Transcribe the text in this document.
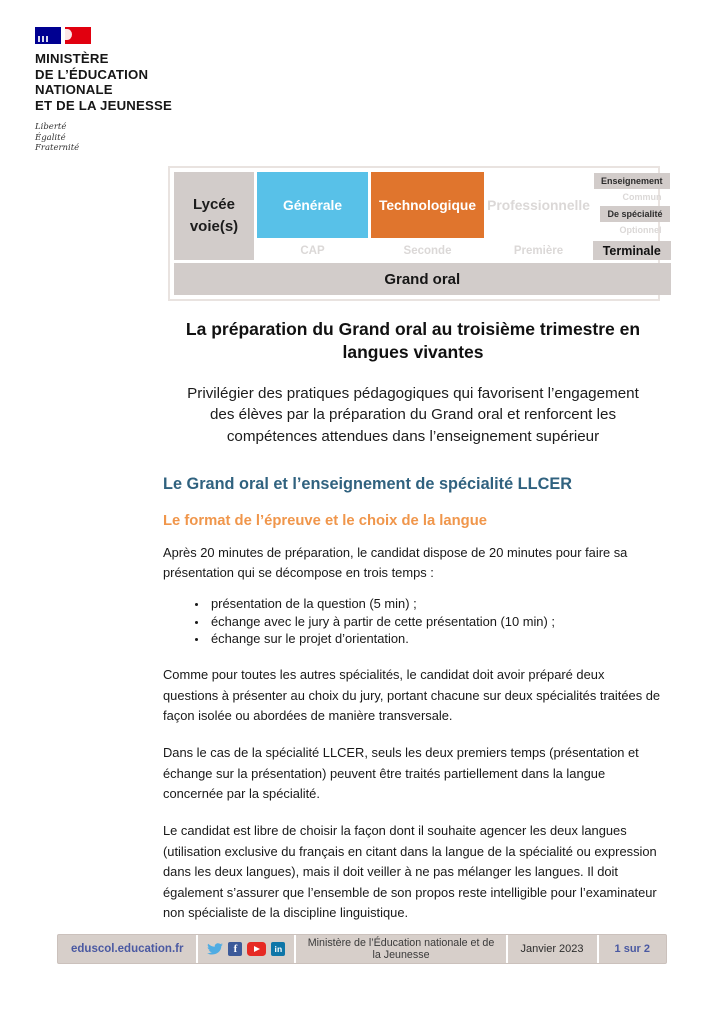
MINISTÈRE
DE L’ÉDUCATION
NATIONALE
ET DE LA JEUNESSE
Liberté
Égalité
Fraternité
Lycée
voie(s)
Générale	Technologique Professionnelle
Enseignement
Commun
De spécialité
Optionnel
CAP	Seconde	Première	Terminale
Grand oral
La préparation du Grand oral au troisième trimestre en langues vivantes

Privilégier des pratiques pédagogiques qui favorisent l’engagement des élèves par la préparation du Grand oral et renforcent les compétences attendues dans l’enseignement supérieur

Le Grand oral et l’enseignement de spécialité LLCER
Le format de l’épreuve et le choix de la langue

Après 20 minutes de préparation, le candidat dispose de 20 minutes pour faire sa présentation qui se décompose en trois temps :

• présentation de la question (5 min) ;
• échange avec le jury à partir de cette présentation (10 min) ;
• échange sur le projet d’orientation.

Comme pour toutes les autres spécialités, le candidat doit avoir préparé deux questions à présenter au choix du jury, portant chacune sur deux spécialités traitées de façon isolée ou abordées de manière transversale.

Dans le cas de la spécialité LLCER, seuls les deux premiers temps (présentation et échange sur la présentation) peuvent être traités partiellement dans la langue concernée par la spécialité.

Le candidat est libre de choisir la façon dont il souhaite agencer les deux langues (utilisation exclusive du français en citant dans la langue de la spécialité ou expression dans les deux langues), mais il doit veiller à ne pas mélanger les langues. Il doit également s’assurer que l’ensemble de son propos reste intelligible pour l’examinateur non spécialiste de la discipline linguistique.

eduscol.education.fr	f	in	Ministère de l’Éducation nationale et de la Jeunesse	Janvier 2023	1 sur 2
